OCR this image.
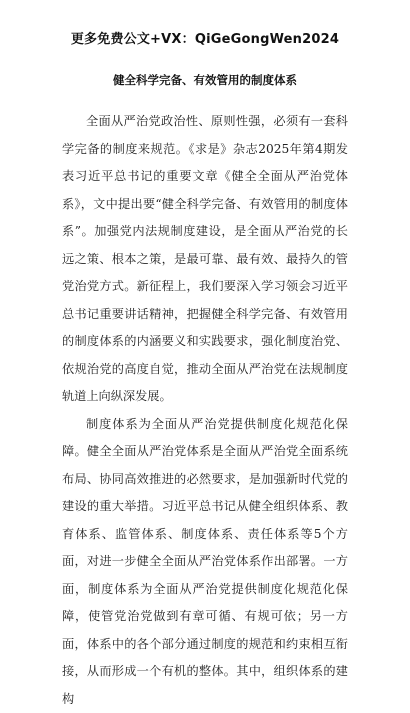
更多免费公文+VX：QiGeGongWen2024
健全科学完备、有效管用的制度体系

全面从严治党政治性、原则性强，必须有一套科学完备的制度来规范。《求是》杂志2025年第4期发表习近平总书记的重要文章《健全全面从严治党体系》，文中提出要“健全科学完备、有效管用的制度体系”。加强党内法规制度建设，是全面从严治党的长远之策、根本之策，是最可靠、最有效、最持久的管党治党方式。新征程上，我们要深入学习领会习近平总书记重要讲话精神，把握健全科学完备、有效管用的制度体系的内涵要义和实践要求，强化制度治党、依规治党的高度自觉，推动全面从严治党在法规制度轨道上向纵深发展。

制度体系为全面从严治党提供制度化规范化保障。健全全面从严治党体系是全面从严治党全面系统布局、协同高效推进的必然要求，是加强新时代党的建设的重大举措。习近平总书记从健全组织体系、教育体系、监管体系、制度体系、责任体系等5个方面，对进一步健全全面从严治党体系作出部署。一方面，制度体系为全面从严治党提供制度化规范化保障，使管党治党做到有章可循、有规可依；另一方面，体系中的各个部分通过制度的规范和约束相互衔接，从而形成一个有机的整体。其中，组织体系的建构
